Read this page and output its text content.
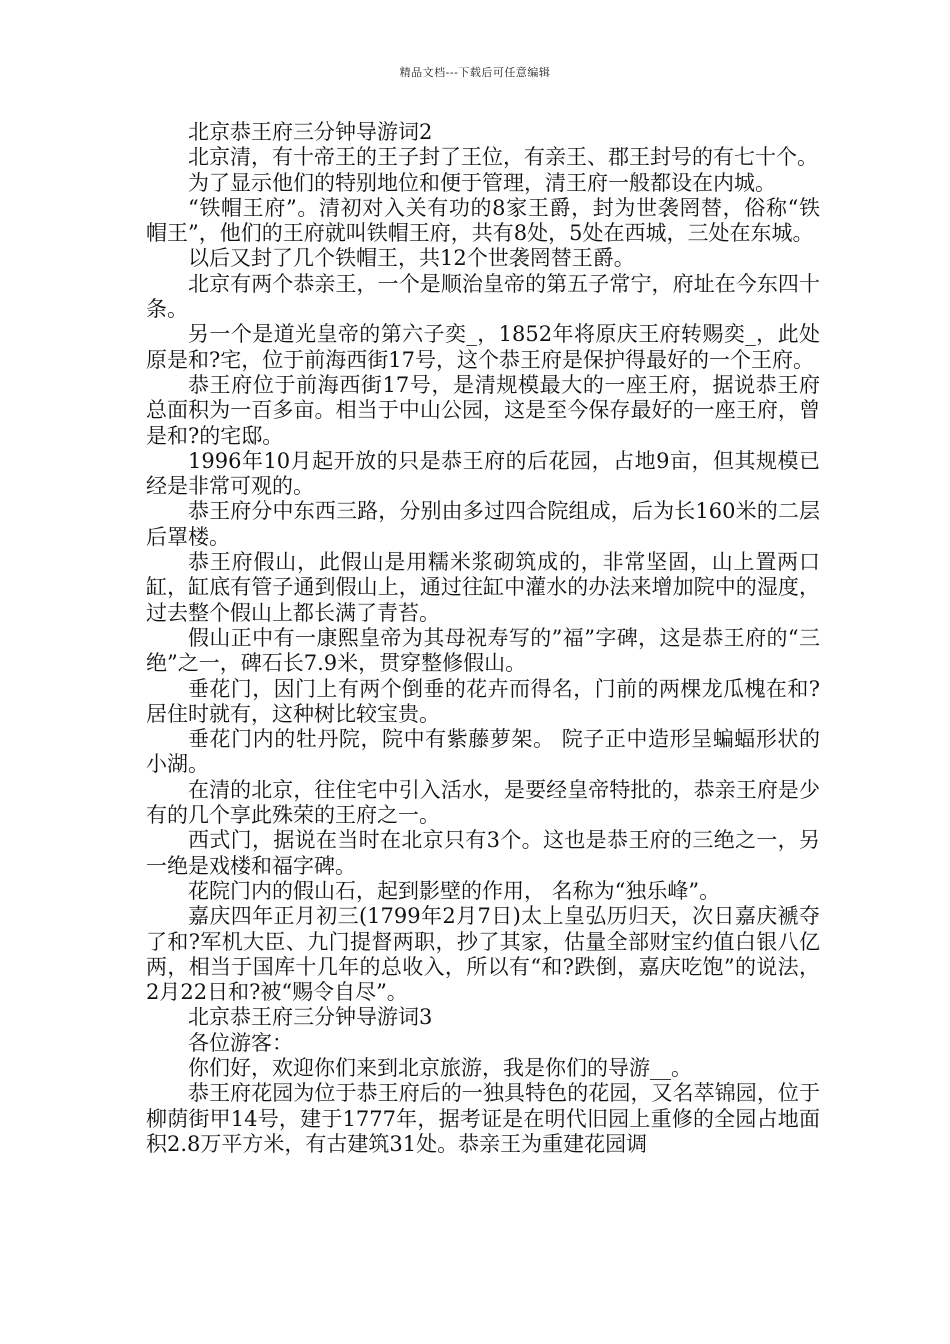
精品文档---下载后可任意编辑

北京恭王府三分钟导游词2

北京清，有十帝王的王子封了王位，有亲王、郡王封号的有七十个。

为了显示他们的特别地位和便于管理，清王府一般都设在内城。

“铁帽王府”。清初对入关有功的8家王爵，封为世袭罔替，俗称“铁帽王”，他们的王府就叫铁帽王府，共有8处，5处在西城，三处在东城。

以后又封了几个铁帽王，共12个世袭罔替王爵。

北京有两个恭亲王，一个是顺治皇帝的第五子常宁，府址在今东四十条。

另一个是道光皇帝的第六子奕_，1852年将原庆王府转赐奕_，此处原是和?宅，位于前海西街17号，这个恭王府是保护得最好的一个王府。

恭王府位于前海西街17号，是清规模最大的一座王府，据说恭王府总面积为一百多亩。相当于中山公园，这是至今保存最好的一座王府，曾是和?的宅邸。

1996年10月起开放的只是恭王府的后花园，占地9亩，但其规模已经是非常可观的。

恭王府分中东西三路，分别由多过四合院组成，后为长160米的二层后罩楼。

恭王府假山，此假山是用糯米浆砌筑成的，非常坚固，山上置两口缸，缸底有管子通到假山上，通过往缸中灌水的办法来增加院中的湿度，过去整个假山上都长满了青苔。

假山正中有一康熙皇帝为其母祝寿写的”福”字碑，这是恭王府的“三绝”之一，碑石长7.9米，贯穿整修假山。

垂花门，因门上有两个倒垂的花卉而得名，门前的两棵龙瓜槐在和?居住时就有，这种树比较宝贵。

垂花门内的牡丹院，院中有紫藤萝架。 院子正中造形呈蝙蝠形状的小湖。

在清的北京，往住宅中引入活水，是要经皇帝特批的，恭亲王府是少有的几个享此殊荣的王府之一。

西式门，据说在当时在北京只有3个。这也是恭王府的三绝之一，另一绝是戏楼和福字碑。

花院门内的假山石，起到影壁的作用， 名称为“独乐峰”。

嘉庆四年正月初三(1799年2月7日)太上皇弘历归天，次日嘉庆褫夺了和?军机大臣、九门提督两职，抄了其家，估量全部财宝约值白银八亿两，相当于国库十几年的总收入，所以有“和?跌倒，嘉庆吃饱”的说法，2月22日和?被“赐令自尽”。

北京恭王府三分钟导游词3

各位游客：

你们好，欢迎你们来到北京旅游，我是你们的导游__。

恭王府花园为位于恭王府后的一独具特色的花园，又名萃锦园，位于柳荫街甲14号，建于1777年，据考证是在明代旧园上重修的全园占地面积2.8万平方米，有古建筑31处。恭亲王为重建花园调
